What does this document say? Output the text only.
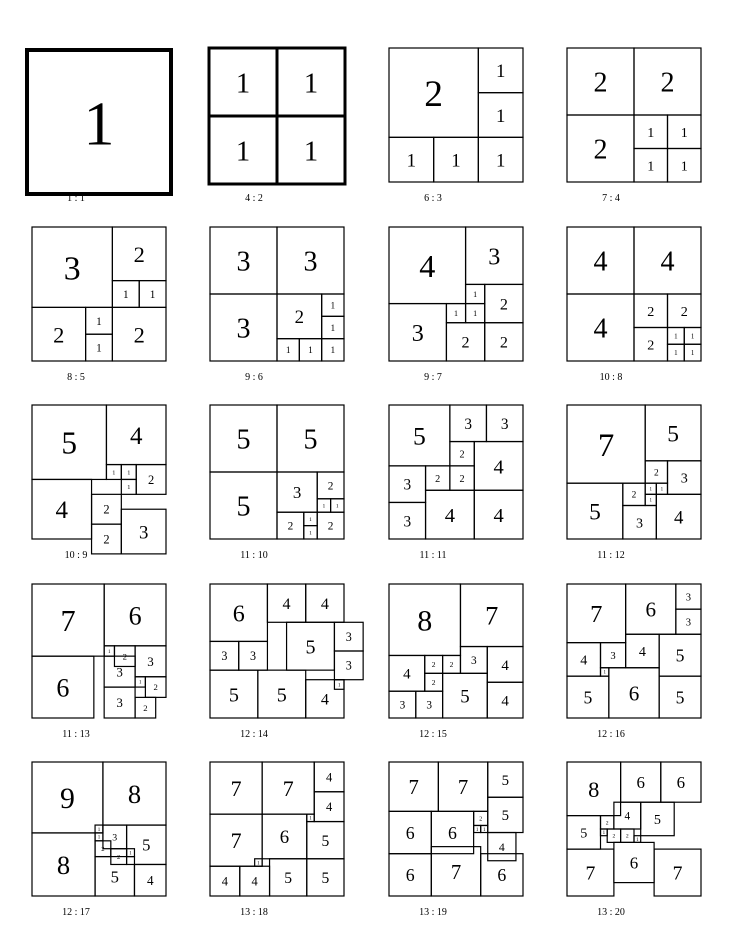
1
1 : 1
1 1
1 1
4 : 2
2
1
1
1 1 1
6 : 3
2 2
2
1 1
1 1
7 : 4
3 2
1 1
2
1
1
2
8 : 5
3 3
3 2
1
1
1 1 1
9 : 6
4 3
1
1 1
2
3 2 2
9 : 7
4 4
4
2 2
2
1 1
1 1
10 : 8
5 4
1 1
4	2
1
2
2 3
10 : 9
5 5
5	3 2
1 1
2
1
1
2
11 : 10
5	3 3
2
4
3 2 2
3 4 4
11 : 11
7 5
2 3
1 1
2
1
5	3 4
11 : 12
7 6
1 2 3
6
3
1 2
3 2
11 : 13
6 4 4
5 3
3 3
3
1
5 5 4
12 : 14
8 7
3 4
4
2 2
2
5
3 3	4
12 : 15
7 6	3
3
5
4
4 3
1
5 6 5
12 : 16
9 8
1
1
3 5
8
2
2
5
1
4
12 : 17
7 7	4
4
7 6
1
5
1
4 4 5 5
13 : 18
7 7 5
5
6 6
2
1 1
4
6 7 6
13 : 19
8 6 6
5
4
5
2
1
2 2
1
7 6 7
13 : 20
